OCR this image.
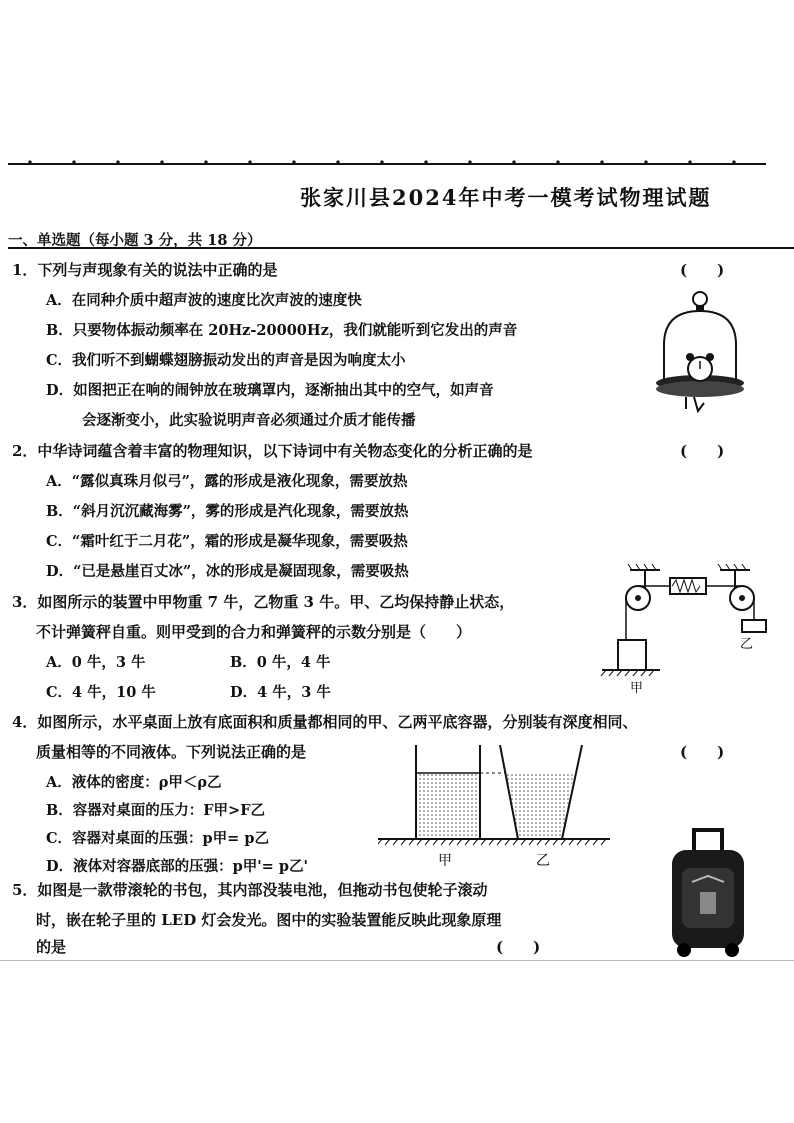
张家川县2024年中考一模考试物理试题
一、单选题（每小题 3 分，共 18 分）
1．下列与声现象有关的说法中正确的是	(　　)
A．在同种介质中超声波的速度比次声波的速度快
B．只要物体振动频率在 20Hz-20000Hz，我们就能听到它发出的声音
C．我们听不到蝴蝶翅膀振动发出的声音是因为响度太小
D．如图把正在响的闹钟放在玻璃罩内，逐渐抽出其中的空气，如声音
会逐渐变小，此实验说明声音必须通过介质才能传播
2．中华诗词蕴含着丰富的物理知识，以下诗词中有关物态变化的分析正确的是	(　　)
A．“露似真珠月似弓”，露的形成是液化现象，需要放热
B．“斜月沉沉藏海雾”，雾的形成是汽化现象，需要放热
C．“霜叶红于二月花”，霜的形成是凝华现象，需要吸热
D．“已是悬崖百丈冰”，冰的形成是凝固现象，需要吸热
3．如图所示的装置中甲物重 7 牛，乙物重 3 牛。甲、乙均保持静止状态，
不计弹簧秤自重。则甲受到的合力和弹簧秤的示数分别是（　　）
A．0 牛，3 牛	B．0 牛，4 牛
C．4 牛，10 牛	D．4 牛，3 牛
乙
甲
4．如图所示，水平桌面上放有底面积和质量都相同的甲、乙两平底容器，分别装有深度相同、
质量相等的不同液体。下列说法正确的是	(　　)
A．液体的密度：ρ甲＜ρ乙
B．容器对桌面的压力：F甲>F乙
C．容器对桌面的压强：p甲= p乙
D．液体对容器底部的压强：p甲'= p乙'	甲	乙
5．如图是一款带滚轮的书包，其内部没装电池，但拖动书包使轮子滚动
时，嵌在轮子里的 LED 灯会发光。图中的实验装置能反映此现象原理
的是	(　　)
